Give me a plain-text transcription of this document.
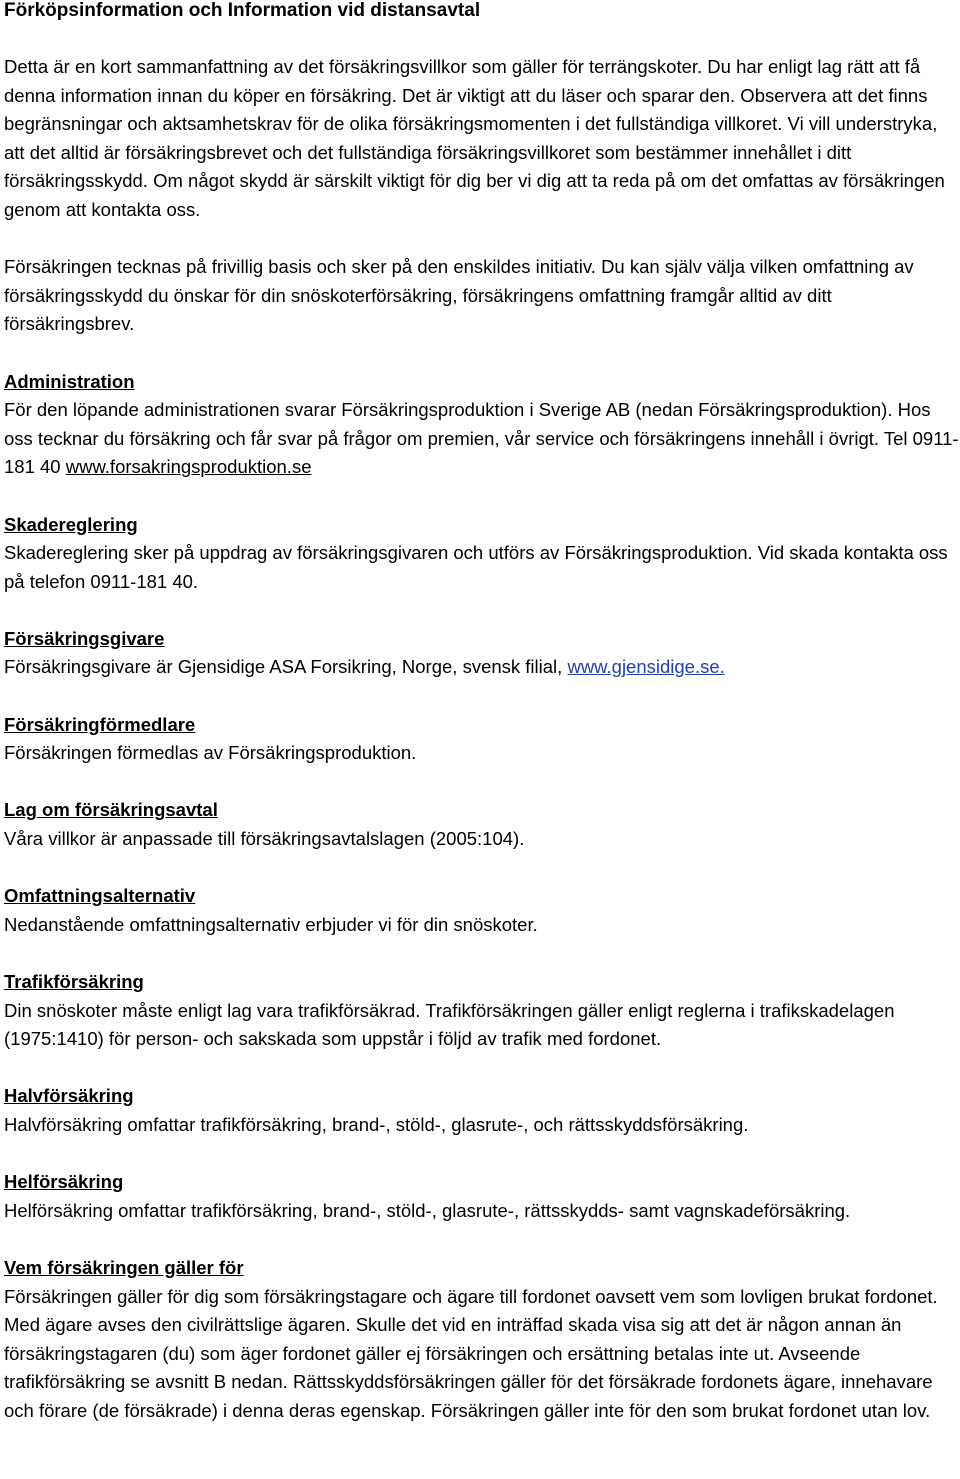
Förköpsinformation och Information vid distansavtal

Detta är en kort sammanfattning av det försäkringsvillkor som gäller för terrängskoter. Du har enligt lag rätt att få denna information innan du köper en försäkring. Det är viktigt att du läser och sparar den. Observera att det finns begränsningar och aktsamhetskrav för de olika försäkringsmomenten i det fullständiga villkoret. Vi vill understryka, att det alltid är försäkringsbrevet och det fullständiga försäkringsvillkoret som bestämmer innehållet i ditt försäkringsskydd. Om något skydd är särskilt viktigt för dig ber vi dig att ta reda på om det omfattas av försäkringen genom att kontakta oss.

Försäkringen tecknas på frivillig basis och sker på den enskildes initiativ. Du kan själv välja vilken omfattning av försäkringsskydd du önskar för din snöskoterförsäkring, försäkringens omfattning framgår alltid av ditt försäkringsbrev.

Administration

För den löpande administrationen svarar Försäkringsproduktion i Sverige AB (nedan Försäkringsproduktion). Hos oss tecknar du försäkring och får svar på frågor om premien, vår service och försäkringens innehåll i övrigt. Tel 0911-181 40 www.forsakringsproduktion.se

Skadereglering

Skadereglering sker på uppdrag av försäkringsgivaren och utförs av Försäkringsproduktion. Vid skada kontakta oss på telefon 0911-181 40.

Försäkringsgivare

Försäkringsgivare är Gjensidige ASA Forsikring, Norge, svensk filial, www.gjensidige.se.

Försäkringförmedlare

Försäkringen förmedlas av Försäkringsproduktion.

Lag om försäkringsavtal

Våra villkor är anpassade till försäkringsavtalslagen (2005:104).

Omfattningsalternativ

Nedanstående omfattningsalternativ erbjuder vi för din snöskoter.

Trafikförsäkring

Din snöskoter måste enligt lag vara trafikförsäkrad. Trafikförsäkringen gäller enligt reglerna i trafikskadelagen (1975:1410) för person- och sakskada som uppstår i följd av trafik med fordonet.

Halvförsäkring

Halvförsäkring omfattar trafikförsäkring, brand-, stöld-, glasrute-, och rättsskyddsförsäkring.

Helförsäkring

Helförsäkring omfattar trafikförsäkring, brand-, stöld-, glasrute-, rättsskydds- samt vagnskadeförsäkring.

Vem försäkringen gäller för

Försäkringen gäller för dig som försäkringstagare och ägare till fordonet oavsett vem som lovligen brukat fordonet. Med ägare avses den civilrättslige ägaren. Skulle det vid en inträffad skada visa sig att det är någon annan än försäkringstagaren (du) som äger fordonet gäller ej försäkringen och ersättning betalas inte ut. Avseende trafikförsäkring se avsnitt B nedan. Rättsskyddsförsäkringen gäller för det försäkrade fordonets ägare, innehavare och förare (de försäkrade) i denna deras egenskap. Försäkringen gäller inte för den som brukat fordonet utan lov.
